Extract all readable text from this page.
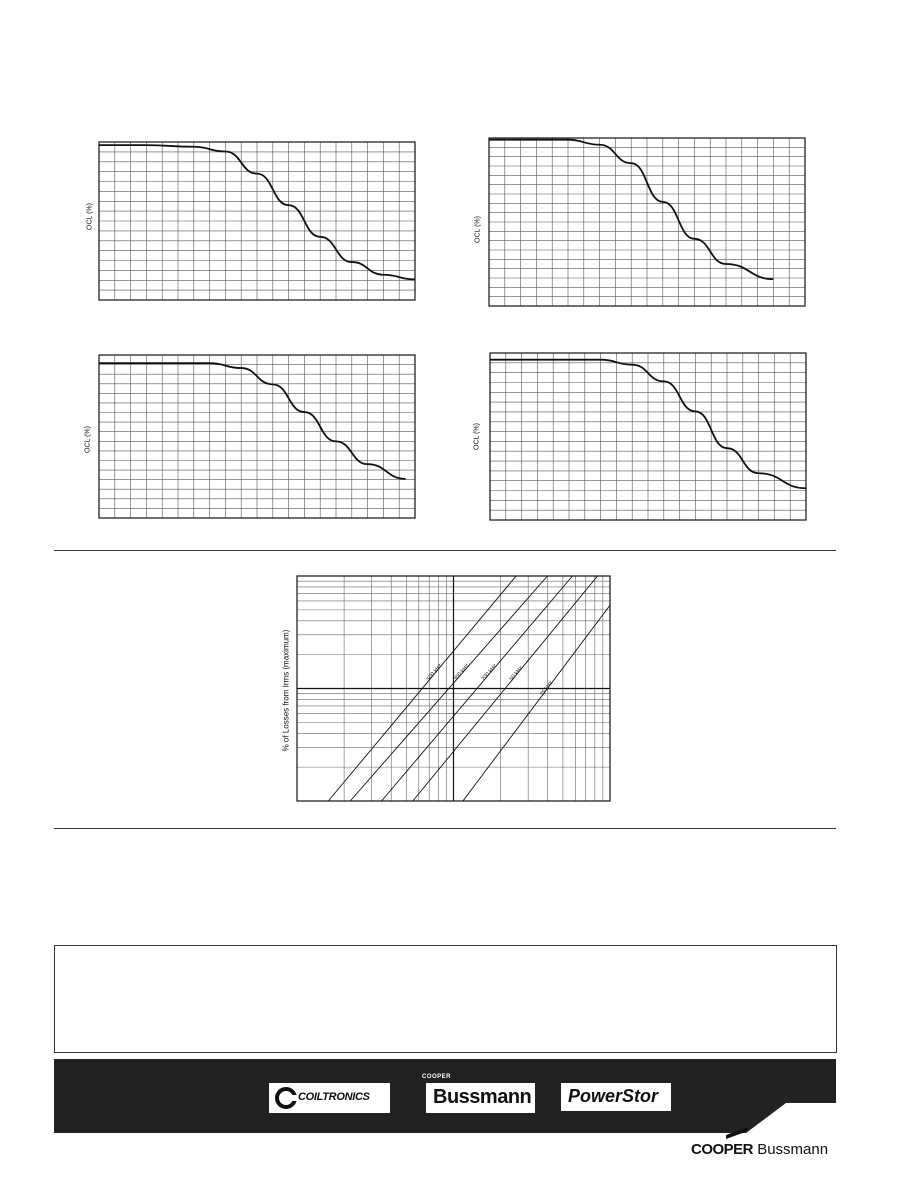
OCL (%)	OCL (%)
OCL (%)	OCL (%)
500 kHz 300 kHz 200 kHz 50 kHz
25 kHz
% of Losses from Irms (maximum)
COOPER
COILTRONICS	Bussmann PowerStor
COOPER Bussmann
